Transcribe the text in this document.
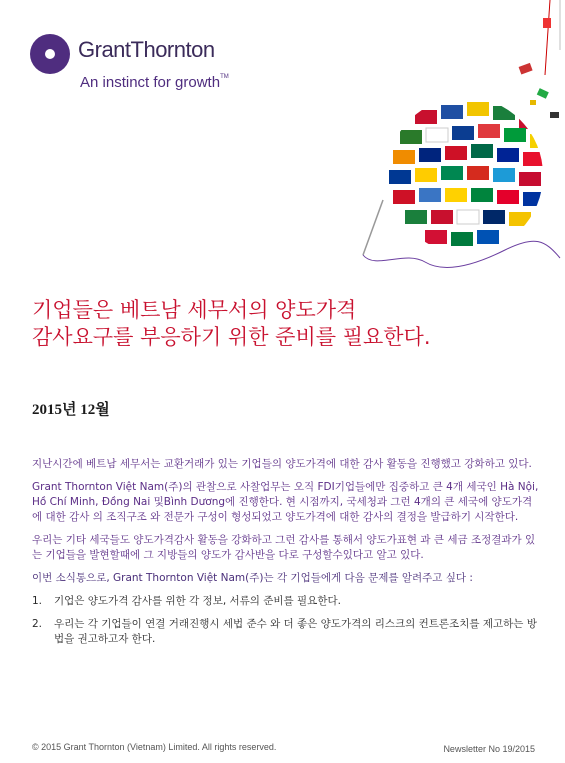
GrantThornton
An instinct for growth™
기업들은 베트남 세무서의 양도가격
감사요구를 부응하기 위한 준비를 필요한다.
2015년 12월

지난시간에 베트남 세무서는 교환거래가 있는 기업들의 양도가격에 대한 감사 활동을 진행했고 강화하고 있다.

Grant Thornton Việt Nam(주)의 관찰으로 사찰업무는 오직 FDI기업들에만 집중하고 큰 4개 세국인 Hà Nội, Hồ Chí Minh, Đồng Nai 및Bình Dương에 진행한다. 현 시점까지, 국세청과 그런 4개의 큰 세국에 양도가격에 대한 감사 의 조직구조 와 전문가 구성이 형성되었고 양도가격에 대한 감사의 결정을 발급하기 시작한다.

우리는 기타 세국들도 양도가격감사 활동을 강화하고 그런 감사를 통해서 양도가표현 과 큰 세금 조정결과가 있는 기업들을 발현할때에 그 지방들의 양도가 감사반을 다로 구성할수있다고 알고 있다.

이번 소식통으로, Grant Thornton Việt Nam(주)는 각 기업들에게 다음 문제를 알려주고 싶다 :

1.	기업은 양도가격 감사를 위한 각 정보, 서류의 준비를 필요한다.
2.	우리는 각 기업들이 연결 거래진행시 세법 준수 와 더 좋은 양도가격의 리스크의 컨트론조치를 제고하는 방법을 권고하고자 한다.
© 2015 Grant Thornton (Vietnam) Limited. All rights reserved.	Newsletter No 19/2015
